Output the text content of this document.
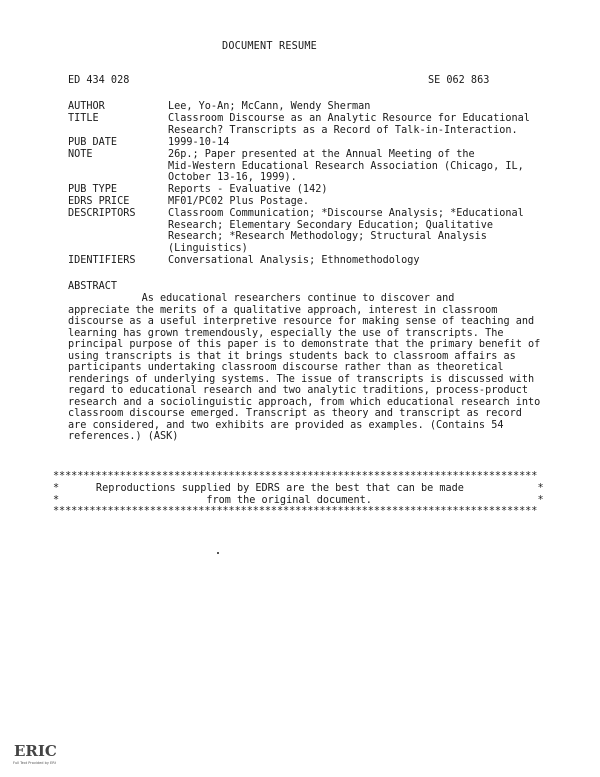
DOCUMENT RESUME
ED 434 028	SE 062 863
AUTHOR	Lee, Yo-An; McCann, Wendy Sherman
TITLE	Classroom Discourse as an Analytic Resource for Educational
Research? Transcripts as a Record of Talk-in-Interaction.
PUB DATE	1999-10-14
NOTE	26p.; Paper presented at the Annual Meeting of the
Mid-Western Educational Research Association (Chicago, IL,
October 13-16, 1999).
PUB TYPE	Reports - Evaluative (142)
EDRS PRICE	MF01/PC02 Plus Postage.
DESCRIPTORS	Classroom Communication; *Discourse Analysis; *Educational
Research; Elementary Secondary Education; Qualitative
Research; *Research Methodology; Structural Analysis
(Linguistics)
IDENTIFIERS	Conversational Analysis; Ethnomethodology
ABSTRACT
As educational researchers continue to discover and
appreciate the merits of a qualitative approach, interest in classroom
discourse as a useful interpretive resource for making sense of teaching and
learning has grown tremendously, especially the use of transcripts. The
principal purpose of this paper is to demonstrate that the primary benefit of
using transcripts is that it brings students back to classroom affairs as
participants undertaking classroom discourse rather than as theoretical
renderings of underlying systems. The issue of transcripts is discussed with
regard to educational research and two analytic traditions, process-product
research and a sociolinguistic approach, from which educational research into
classroom discourse emerged. Transcript as theory and transcript as record
are considered, and two exhibits are provided as examples. (Contains 54
references.) (ASK)
********************************************************************************
*      Reproductions supplied by EDRS are the best that can be made            *
*                        from the original document.                           *
********************************************************************************
ERIC
Full Text Provided by ERIC
